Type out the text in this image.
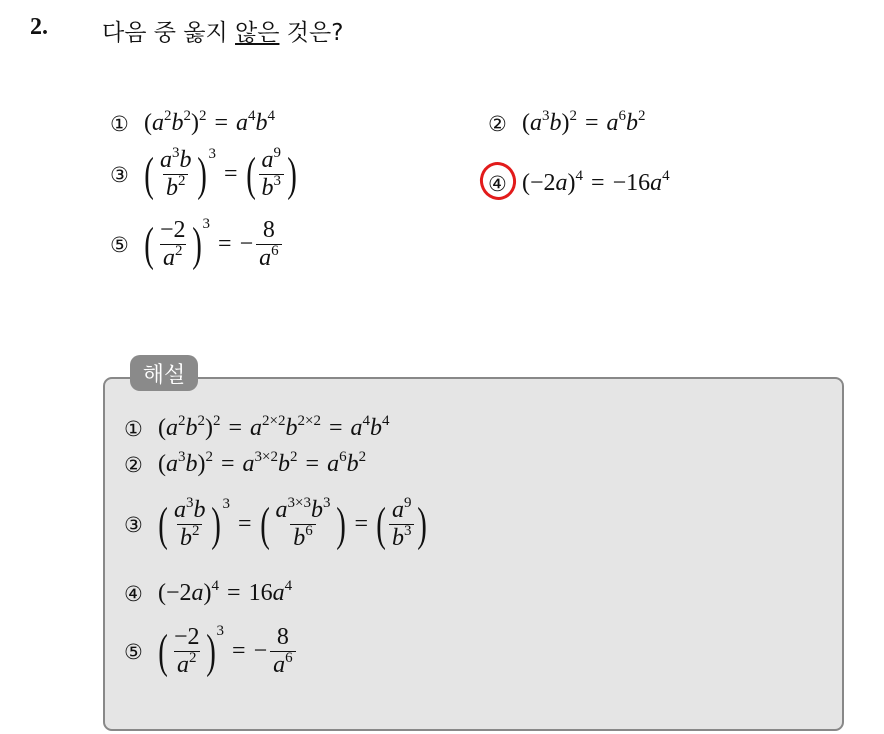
2. 다음 중 옳지 않은 것은?
① $(a^2b^2)^2 = a^4b^4$	② $(a^3b)^2 = a^6b^2$
③ ( $\frac{a^3b}{b^2}$ ) 3
= ( $\frac{a^9}{b^3}$ )	④ $(-2a)^4 = -16a^4$
⑤ ( $\frac{-2}{a^2}$ ) 3
= − $\frac{8}{a^6}$
해설
① $(a^2b^2)^2 = a^{2\times 2}b^{2\times 2} = a^4b^4$
② $(a^3b)^2 = a^{3\times 2}b^2 = a^6b^2$
③ ( $\frac{a^3b}{b^2}$ ) 3
= ( $\frac{a^{3\times 3}b^3}{b^6}$ ) = ( $\frac{a^9}{b^3}$ )
④ $(-2a)^4 = 16a^4$
⑤ ( $\frac{-2}{a^2}$ ) 3
= − $\frac{8}{a^6}$
